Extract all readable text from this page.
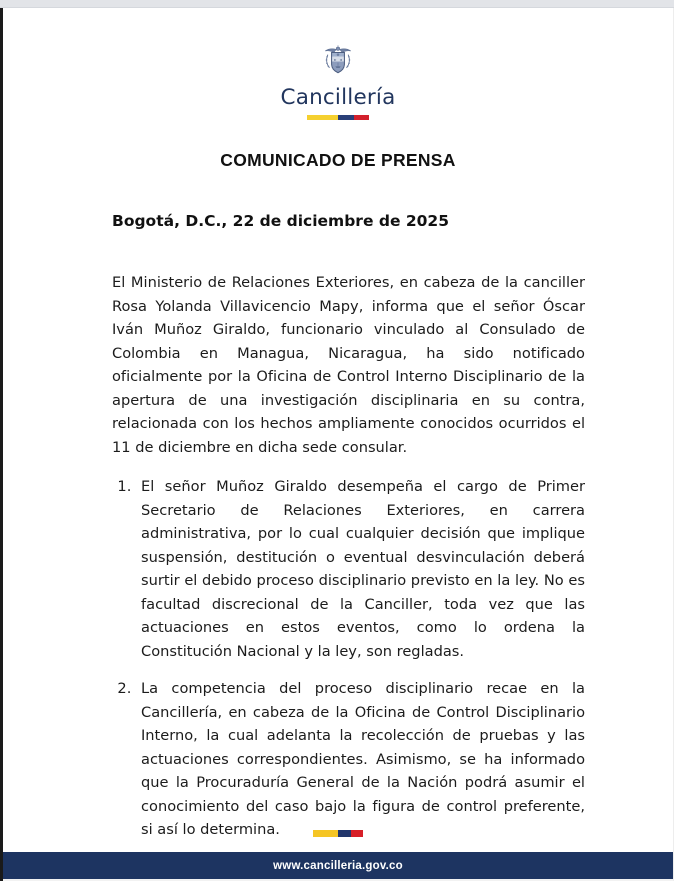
Cancillería
COMUNICADO DE PRENSA
Bogotá, D.C., 22 de diciembre de 2025

El Ministerio de Relaciones Exteriores, en cabeza de la canciller Rosa Yolanda Villavicencio Mapy, informa que el señor Óscar Iván Muñoz Giraldo, funcionario vinculado al Consulado de Colombia en Managua, Nicaragua, ha sido notificado oficialmente por la Oficina de Control Interno Disciplinario de la apertura de una investigación disciplinaria en su contra, relacionada con los hechos ampliamente conocidos ocurridos el 11 de diciembre en dicha sede consular.

1. El señor Muñoz Giraldo desempeña el cargo de Primer Secretario de Relaciones Exteriores, en carrera administrativa, por lo cual cualquier decisión que implique suspensión, destitución o eventual desvinculación deberá surtir el debido proceso disciplinario previsto en la ley. No es facultad discrecional de la Canciller, toda vez que las actuaciones en estos eventos, como lo ordena la Constitución Nacional y la ley, son regladas.
2. La competencia del proceso disciplinario recae en la Cancillería, en cabeza de la Oficina de Control Disciplinario Interno, la cual adelanta la recolección de pruebas y las actuaciones correspondientes. Asimismo, se ha informado que la Procuraduría General de la Nación podrá asumir el conocimiento del caso bajo la figura de control preferente, si así lo determina.
www.cancilleria.gov.co
